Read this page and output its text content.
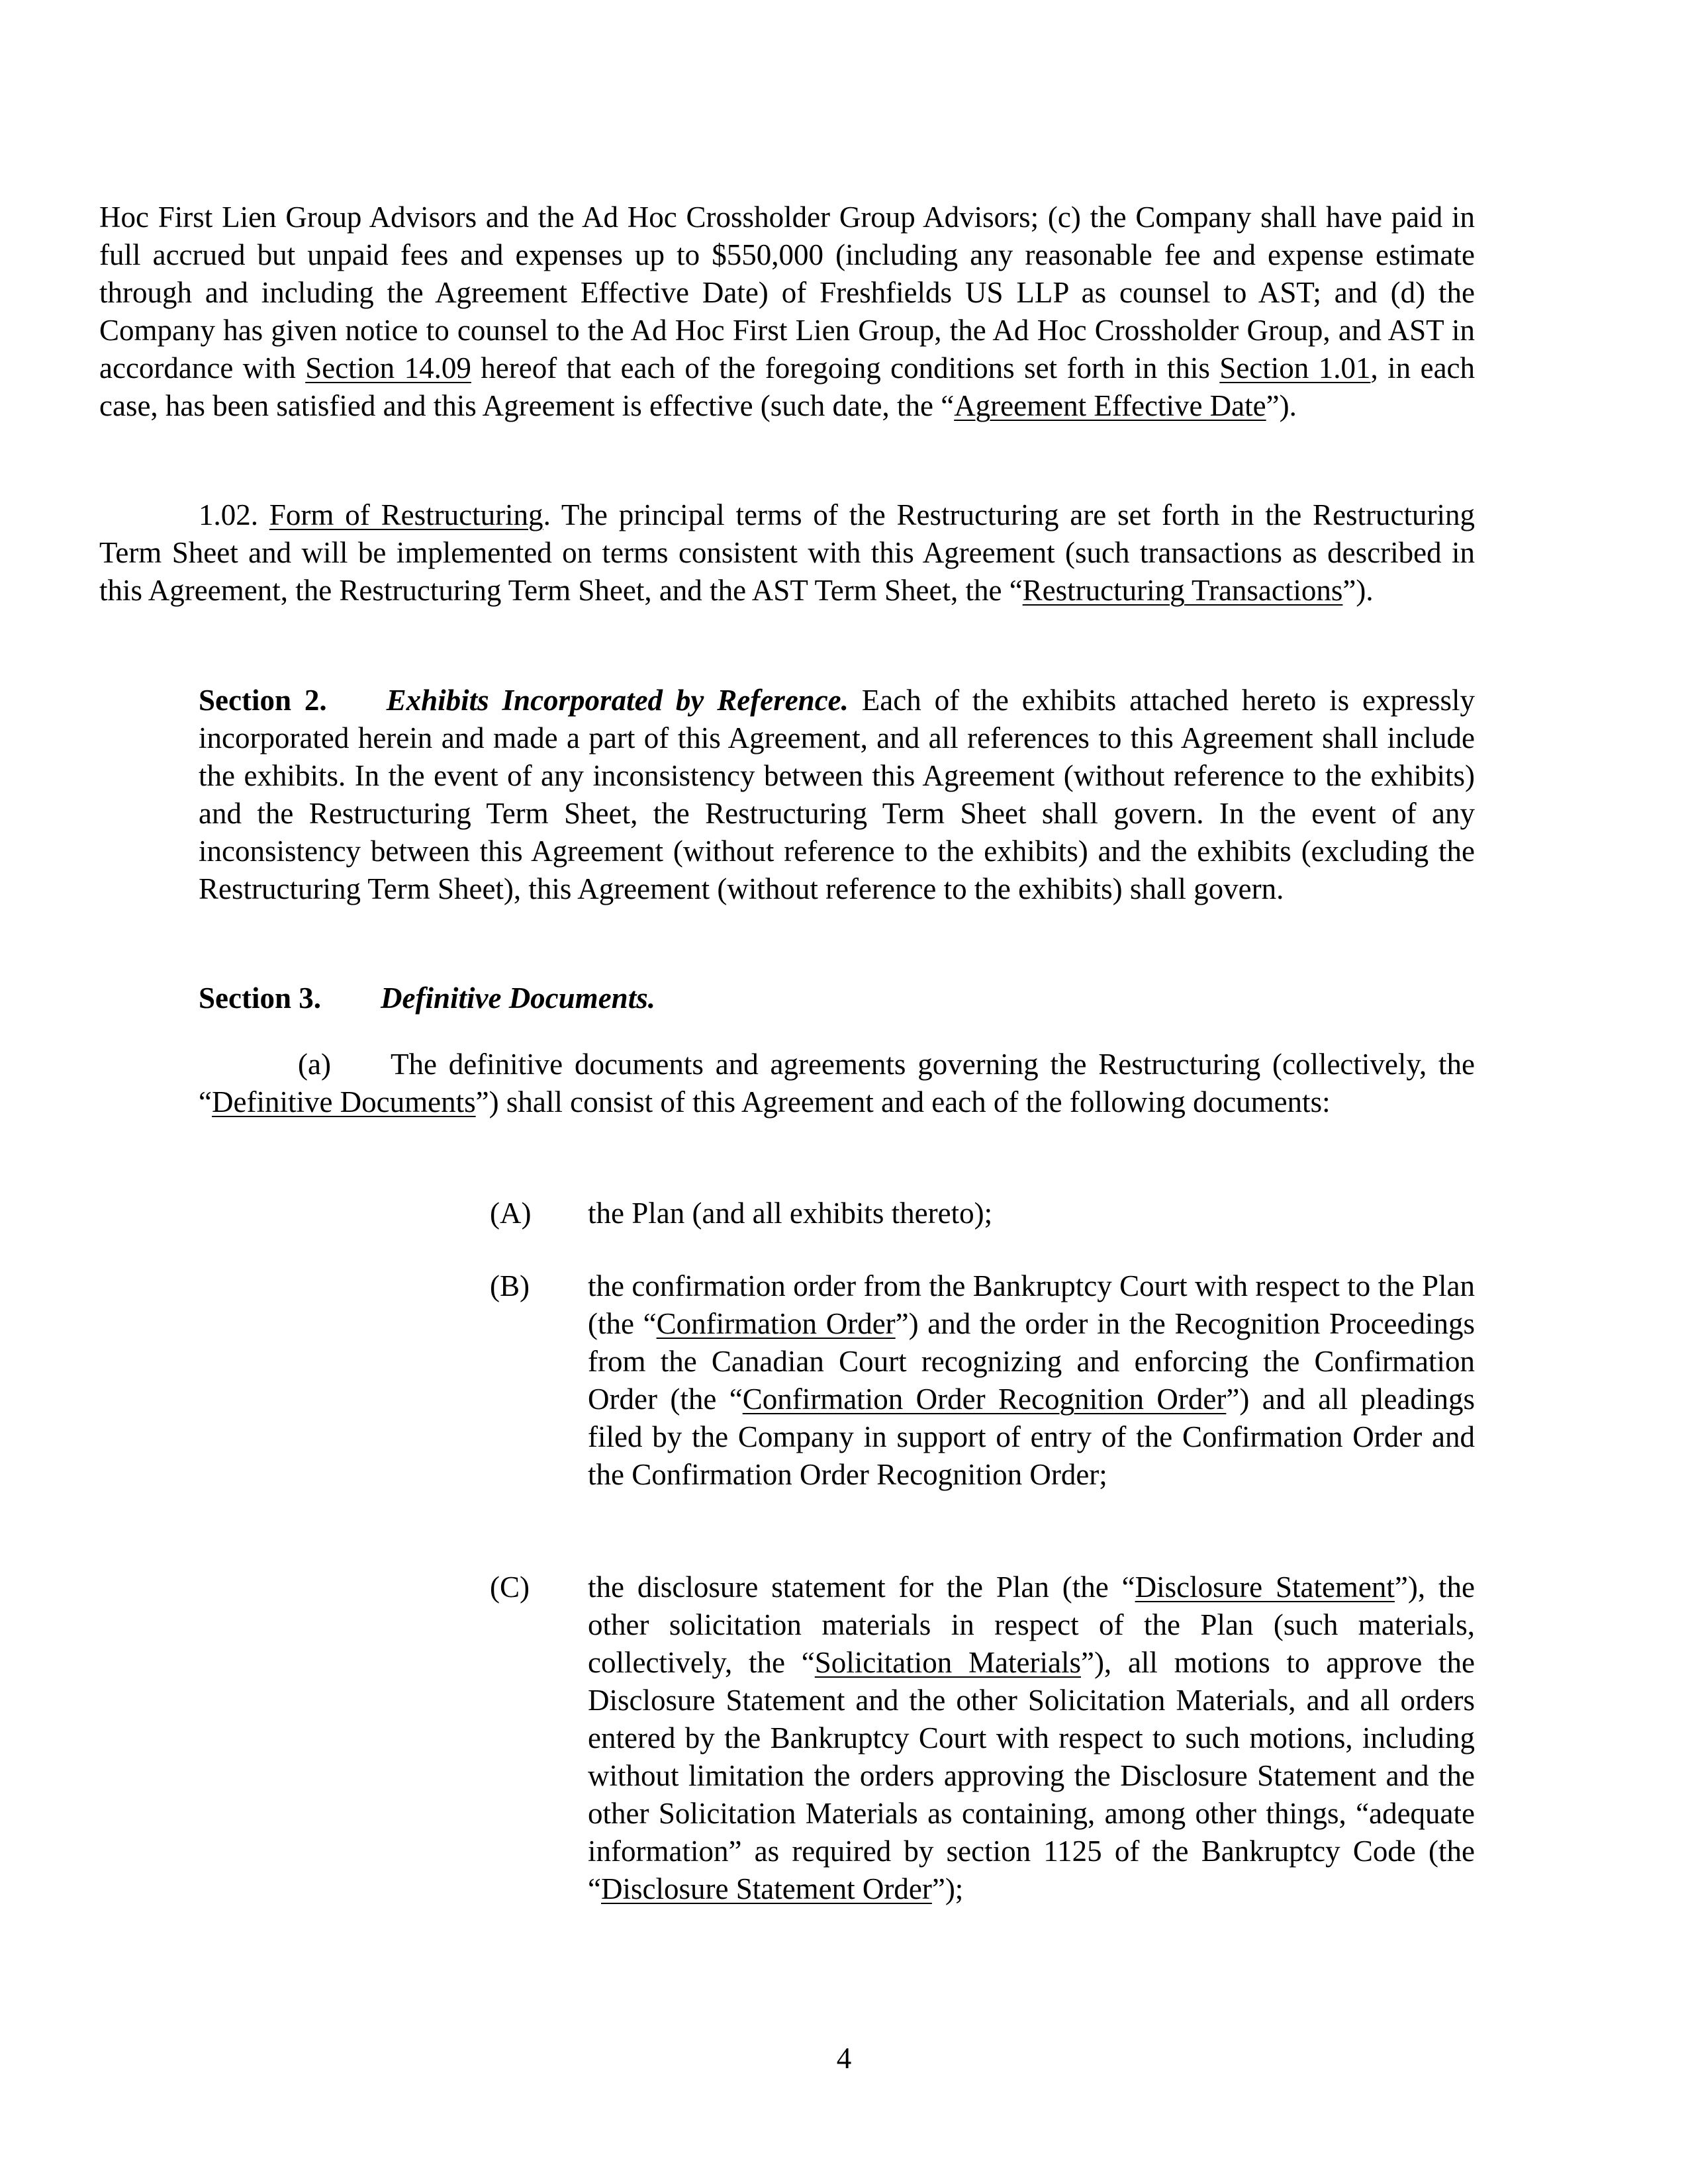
Hoc First Lien Group Advisors and the Ad Hoc Crossholder Group Advisors; (c) the Company shall have paid in full accrued but unpaid fees and expenses up to $550,000 (including any reasonable fee and expense estimate through and including the Agreement Effective Date) of Freshfields US LLP as counsel to AST; and (d) the Company has given notice to counsel to the Ad Hoc First Lien Group, the Ad Hoc Crossholder Group, and AST in accordance with Section 14.09 hereof that each of the foregoing conditions set forth in this Section 1.01, in each case, has been satisfied and this Agreement is effective (such date, the “Agreement Effective Date”).

1.02. Form of Restructuring. The principal terms of the Restructuring are set forth in the Restructuring Term Sheet and will be implemented on terms consistent with this Agreement (such transactions as described in this Agreement, the Restructuring Term Sheet, and the AST Term Sheet, the “Restructuring Transactions”).

Section 2. Exhibits Incorporated by Reference. Each of the exhibits attached hereto is expressly incorporated herein and made a part of this Agreement, and all references to this Agreement shall include the exhibits. In the event of any inconsistency between this Agreement (without reference to the exhibits) and the Restructuring Term Sheet, the Restructuring Term Sheet shall govern. In the event of any inconsistency between this Agreement (without reference to the exhibits) and the exhibits (excluding the Restructuring Term Sheet), this Agreement (without reference to the exhibits) shall govern.

Section 3. Definitive Documents.

(a) The definitive documents and agreements governing the Restructuring (collectively, the “Definitive Documents”) shall consist of this Agreement and each of the following documents:

(A)	the Plan (and all exhibits thereto);
(B)	the confirmation order from the Bankruptcy Court with respect to the Plan (the “Confirmation Order”) and the order in the Recognition Proceedings from the Canadian Court recognizing and enforcing the Confirmation Order (the “Confirmation Order Recognition Order”) and all pleadings filed by the Company in support of entry of the Confirmation Order and the Confirmation Order Recognition Order;
(C)	the disclosure statement for the Plan (the “Disclosure Statement”), the other solicitation materials in respect of the Plan (such materials, collectively, the “Solicitation Materials”), all motions to approve the Disclosure Statement and the other Solicitation Materials, and all orders entered by the Bankruptcy Court with respect to such motions, including without limitation the orders approving the Disclosure Statement and the other Solicitation Materials as containing, among other things, “adequate information” as required by section 1125 of the Bankruptcy Code (the “Disclosure Statement Order”);
4
